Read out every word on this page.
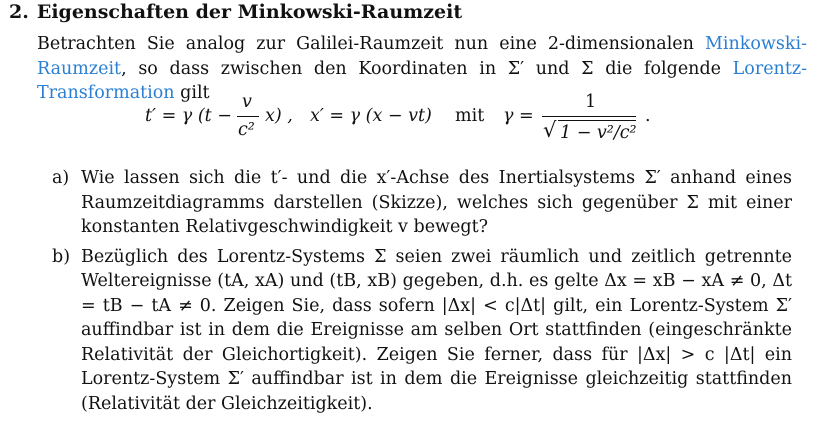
2. Eigenschaften der Minkowski-Raumzeit
Betrachten Sie analog zur Galilei-Raumzeit nun eine 2-dimensionalen Minkowski-Raumzeit, so dass zwischen den Koordinaten in Σ′ und Σ die folgende Lorentz-Transformation gilt
t′ = γ (t −
v
c²
x) , x′ = γ (x − vt) mit γ =
1
√ 1 − v²/c²
.
a) Wie lassen sich die t′- und die x′-Achse des Inertialsystems Σ′ anhand eines Raumzeitdiagramms darstellen (Skizze), welches sich gegenüber Σ mit einer konstanten Relativgeschwindigkeit v bewegt?
b) Bezüglich des Lorentz-Systems Σ seien zwei räumlich und zeitlich getrennte Welterеignisse (tA, xA) und (tB, xB) gegeben, d.h. es gelte Δx = xB − xA ≠ 0, Δt = tB − tA ≠ 0. Zeigen Sie, dass sofern |Δx| < c|Δt| gilt, ein Lorentz-System Σ′ auffindbar ist in dem die Ereignisse am selben Ort stattfinden (eingeschränkte Relativität der Gleichortigkeit). Zeigen Sie ferner, dass für |Δx| > c |Δt| ein Lorentz-System Σ′ auffindbar ist in dem die Ereignisse gleichzeitig stattfinden (Relativität der Gleichzeitigkeit).
